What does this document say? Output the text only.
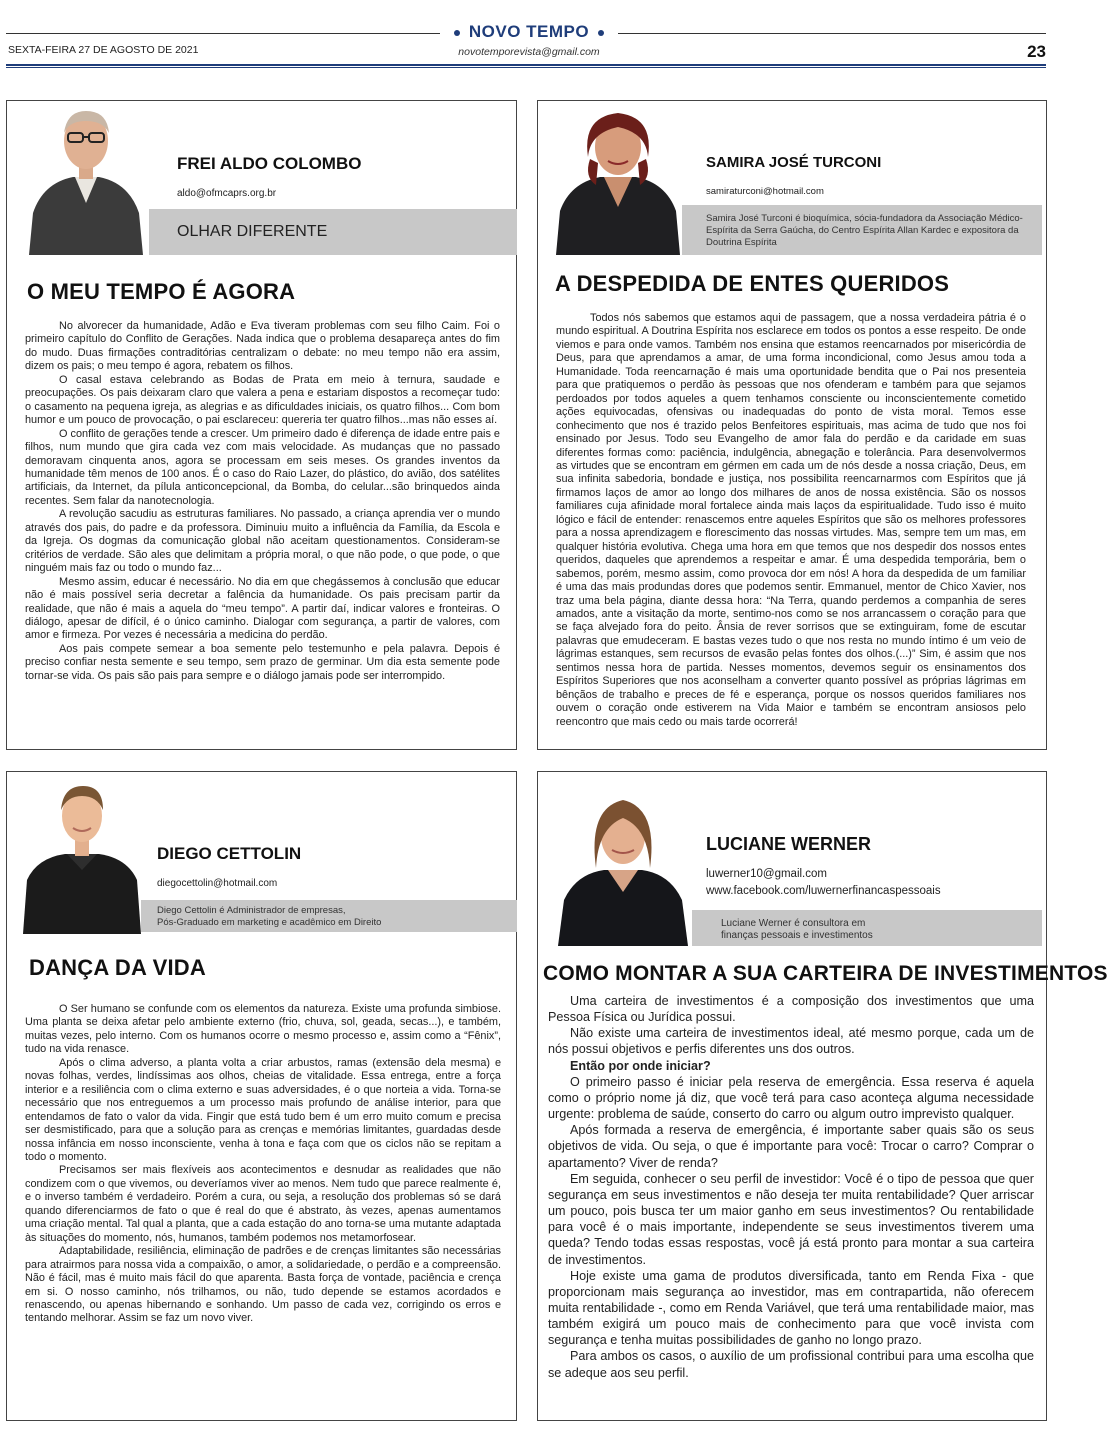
NOVO TEMPO
SEXTA-FEIRA 27 DE AGOSTO DE 2021	novotemporevista@gmail.com	23
FREI ALDO COLOMBO
aldo@ofmcaprs.org.br
OLHAR DIFERENTE
O MEU TEMPO É AGORA

No alvorecer da humanidade, Adão e Eva tiveram problemas com seu filho Caim. Foi o primeiro capítulo do Conflito de Gerações. Nada indica que o problema desapareça antes do fim do mudo. Duas firmações contraditórias centralizam o debate: no meu tempo não era assim, dizem os pais; o meu tempo é agora, rebatem os filhos.

O casal estava celebrando as Bodas de Prata em meio à ternura, saudade e preocupações. Os pais deixaram claro que valera a pena e estariam dispostos a recomeçar tudo: o casamento na pequena igreja, as alegrias e as dificuldades iniciais, os quatro filhos... Com bom humor e um pouco de provocação, o pai esclareceu: quereria ter quatro filhos...mas não esses aí.

O conflito de gerações tende a crescer. Um primeiro dado é diferença de idade entre pais e filhos, num mundo que gira cada vez com mais velocidade. As mudanças que no passado demoravam cinquenta anos, agora se processam em seis meses. Os grandes inventos da humanidade têm menos de 100 anos. É o caso do Raio Lazer, do plástico, do avião, dos satélites artificiais, da Internet, da pílula anticoncepcional, da Bomba, do celular...são brinquedos ainda recentes. Sem falar da nanotecnologia.

A revolução sacudiu as estruturas familiares. No passado, a criança aprendia ver o mundo através dos pais, do padre e da professora. Diminuiu muito a influência da Família, da Escola e da Igreja. Os dogmas da comunicação global não aceitam questionamentos. Consideram-se critérios de verdade. São ales que delimitam a própria moral, o que não pode, o que pode, o que ninguém mais faz ou todo o mundo faz...

Mesmo assim, educar é necessário. No dia em que chegássemos à conclusão que educar não é mais possível seria decretar a falência da humanidade. Os pais precisam partir da realidade, que não é mais a aquela do “meu tempo”. A partir daí, indicar valores e fronteiras. O diálogo, apesar de difícil, é o único caminho. Dialogar com segurança, a partir de valores, com amor e firmeza. Por vezes é necessária a medicina do perdão.

Aos pais compete semear a boa semente pelo testemunho e pela palavra. Depois é preciso confiar nesta semente e seu tempo, sem prazo de germinar. Um dia esta semente pode tornar-se vida. Os pais são pais para sempre e o diálogo jamais pode ser interrompido.

SAMIRA JOSÉ TURCONI
samiraturconi@hotmail.com
Samira José Turconi é bioquímica, sócia-fundadora da Associação Médico-Espírita da Serra Gaúcha, do Centro Espírita Allan Kardec e expositora da Doutrina Espírita
A DESPEDIDA DE ENTES QUERIDOS

Todos nós sabemos que estamos aqui de passagem, que a nossa verdadeira pátria é o mundo espiritual. A Doutrina Espírita nos esclarece em todos os pontos a esse respeito. De onde viemos e para onde vamos. Também nos ensina que estamos reencarnados por misericórdia de Deus, para que aprendamos a amar, de uma forma incondicional, como Jesus amou toda a Humanidade. Toda reencarnação é mais uma oportunidade bendita que o Pai nos presenteia para que pratiquemos o perdão às pessoas que nos ofenderam e também para que sejamos perdoados por todos aqueles a quem tenhamos consciente ou inconscientemente cometido ações equivocadas, ofensivas ou inadequadas do ponto de vista moral. Temos esse conhecimento que nos é trazido pelos Benfeitores espirituais, mas acima de tudo que nos foi ensinado por Jesus. Todo seu Evangelho de amor fala do perdão e da caridade em suas diferentes formas como: paciência, indulgência, abnegação e tolerância. Para desenvolvermos as virtudes que se encontram em gérmen em cada um de nós desde a nossa criação, Deus, em sua infinita sabedoria, bondade e justiça, nos possibilita reencarnarmos com Espíritos que já firmamos laços de amor ao longo dos milhares de anos de nossa existência. São os nossos familiares cuja afinidade moral fortalece ainda mais laços da espiritualidade. Tudo isso é muito lógico e fácil de entender: renascemos entre aqueles Espíritos que são os melhores professores para a nossa aprendizagem e florescimento das nossas virtudes. Mas, sempre tem um mas, em qualquer história evolutiva. Chega uma hora em que temos que nos despedir dos nossos entes queridos, daqueles que aprendemos a respeitar e amar. É uma despedida temporária, bem o sabemos, porém, mesmo assim, como provoca dor em nós! A hora da despedida de um familiar é uma das mais produndas dores que podemos sentir. Emmanuel, mentor de Chico Xavier, nos traz uma bela página, diante dessa hora: “Na Terra, quando perdemos a companhia de seres amados, ante a visitação da morte, sentimo-nos como se nos arrancassem o coração para que se faça alvejado fora do peito. Ânsia de rever sorrisos que se extinguiram, fome de escutar palavras que emudeceram. E bastas vezes tudo o que nos resta no mundo íntimo é um veio de lágrimas estanques, sem recursos de evasão pelas fontes dos olhos.(...)” Sim, é assim que nos sentimos nessa hora de partida. Nesses momentos, devemos seguir os ensinamentos dos Espíritos Superiores que nos aconselham a converter quanto possível as próprias lágrimas em bênçãos de trabalho e preces de fé e esperança, porque os nossos queridos familiares nos ouvem o coração onde estiverem na Vida Maior e também se encontram ansiosos pelo reencontro que mais cedo ou mais tarde ocorrerá!

DIEGO CETTOLIN
diegocettolin@hotmail.com
Diego Cettolin é Administrador de empresas,
Pós-Graduado em marketing e acadêmico em Direito
DANÇA DA VIDA

O Ser humano se confunde com os elementos da natureza. Existe uma profunda simbiose. Uma planta se deixa afetar pelo ambiente externo (frio, chuva, sol, geada, secas...), e também, muitas vezes, pelo interno. Com os humanos ocorre o mesmo processo e, assim como a “Fênix”, tudo na vida renasce.

Após o clima adverso, a planta volta a criar arbustos, ramas (extensão dela mesma) e novas folhas, verdes, lindíssimas aos olhos, cheias de vitalidade. Essa entrega, entre a força interior e a resiliência com o clima externo e suas adversidades, é o que norteia a vida. Torna-se necessário que nos entreguemos a um processo mais profundo de análise interior, para que entendamos de fato o valor da vida. Fingir que está tudo bem é um erro muito comum e precisa ser desmistificado, para que a solução para as crenças e memórias limitantes, guardadas desde nossa infância em nosso inconsciente, venha à tona e faça com que os ciclos não se repitam a todo o momento.

Precisamos ser mais flexíveis aos acontecimentos e desnudar as realidades que não condizem com o que vivemos, ou deveríamos viver ao menos. Nem tudo que parece realmente é, e o inverso também é verdadeiro. Porém a cura, ou seja, a resolução dos problemas só se dará quando diferenciarmos de fato o que é real do que é abstrato, às vezes, apenas aumentamos uma criação mental. Tal qual a planta, que a cada estação do ano torna-se uma mutante adaptada às situações do momento, nós, humanos, também podemos nos metamorfosear.

Adaptabilidade, resiliência, eliminação de padrões e de crenças limitantes são necessárias para atrairmos para nossa vida a compaixão, o amor, a solidariedade, o perdão e a compreensão. Não é fácil, mas é muito mais fácil do que aparenta. Basta força de vontade, paciência e crença em si. O nosso caminho, nós trilhamos, ou não, tudo depende se estamos acordados e renascendo, ou apenas hibernando e sonhando. Um passo de cada vez, corrigindo os erros e tentando melhorar. Assim se faz um novo viver.

LUCIANE WERNER
luwerner10@gmail.com
www.facebook.com/luwernerfinancaspessoais
Luciane Werner é consultora em
finanças pessoais e investimentos
COMO MONTAR A SUA CARTEIRA DE INVESTIMENTOS

Uma carteira de investimentos é a composição dos investimentos que uma Pessoa Física ou Jurídica possui.

Não existe uma carteira de investimentos ideal, até mesmo porque, cada um de nós possui objetivos e perfis diferentes uns dos outros.

Então por onde iniciar?

O primeiro passo é iniciar pela reserva de emergência. Essa reserva é aquela como o próprio nome já diz, que você terá para caso aconteça alguma necessidade urgente: problema de saúde, conserto do carro ou algum outro imprevisto qualquer.

Após formada a reserva de emergência, é importante saber quais são os seus objetivos de vida. Ou seja, o que é importante para você: Trocar o carro? Comprar o apartamento? Viver de renda?

Em seguida, conhecer o seu perfil de investidor: Você é o tipo de pessoa que quer segurança em seus investimentos e não deseja ter muita rentabilidade? Quer arriscar um pouco, pois busca ter um maior ganho em seus investimentos? Ou rentabilidade para você é o mais importante, independente se seus investimentos tiverem uma queda? Tendo todas essas respostas, você já está pronto para montar a sua carteira de investimentos.

Hoje existe uma gama de produtos diversificada, tanto em Renda Fixa - que proporcionam mais segurança ao investidor, mas em contrapartida, não oferecem muita rentabilidade -, como em Renda Variável, que terá uma rentabilidade maior, mas também exigirá um pouco mais de conhecimento para que você invista com segurança e tenha muitas possibilidades de ganho no longo prazo.

Para ambos os casos, o auxílio de um profissional contribui para uma escolha que se adeque aos seu perfil.
